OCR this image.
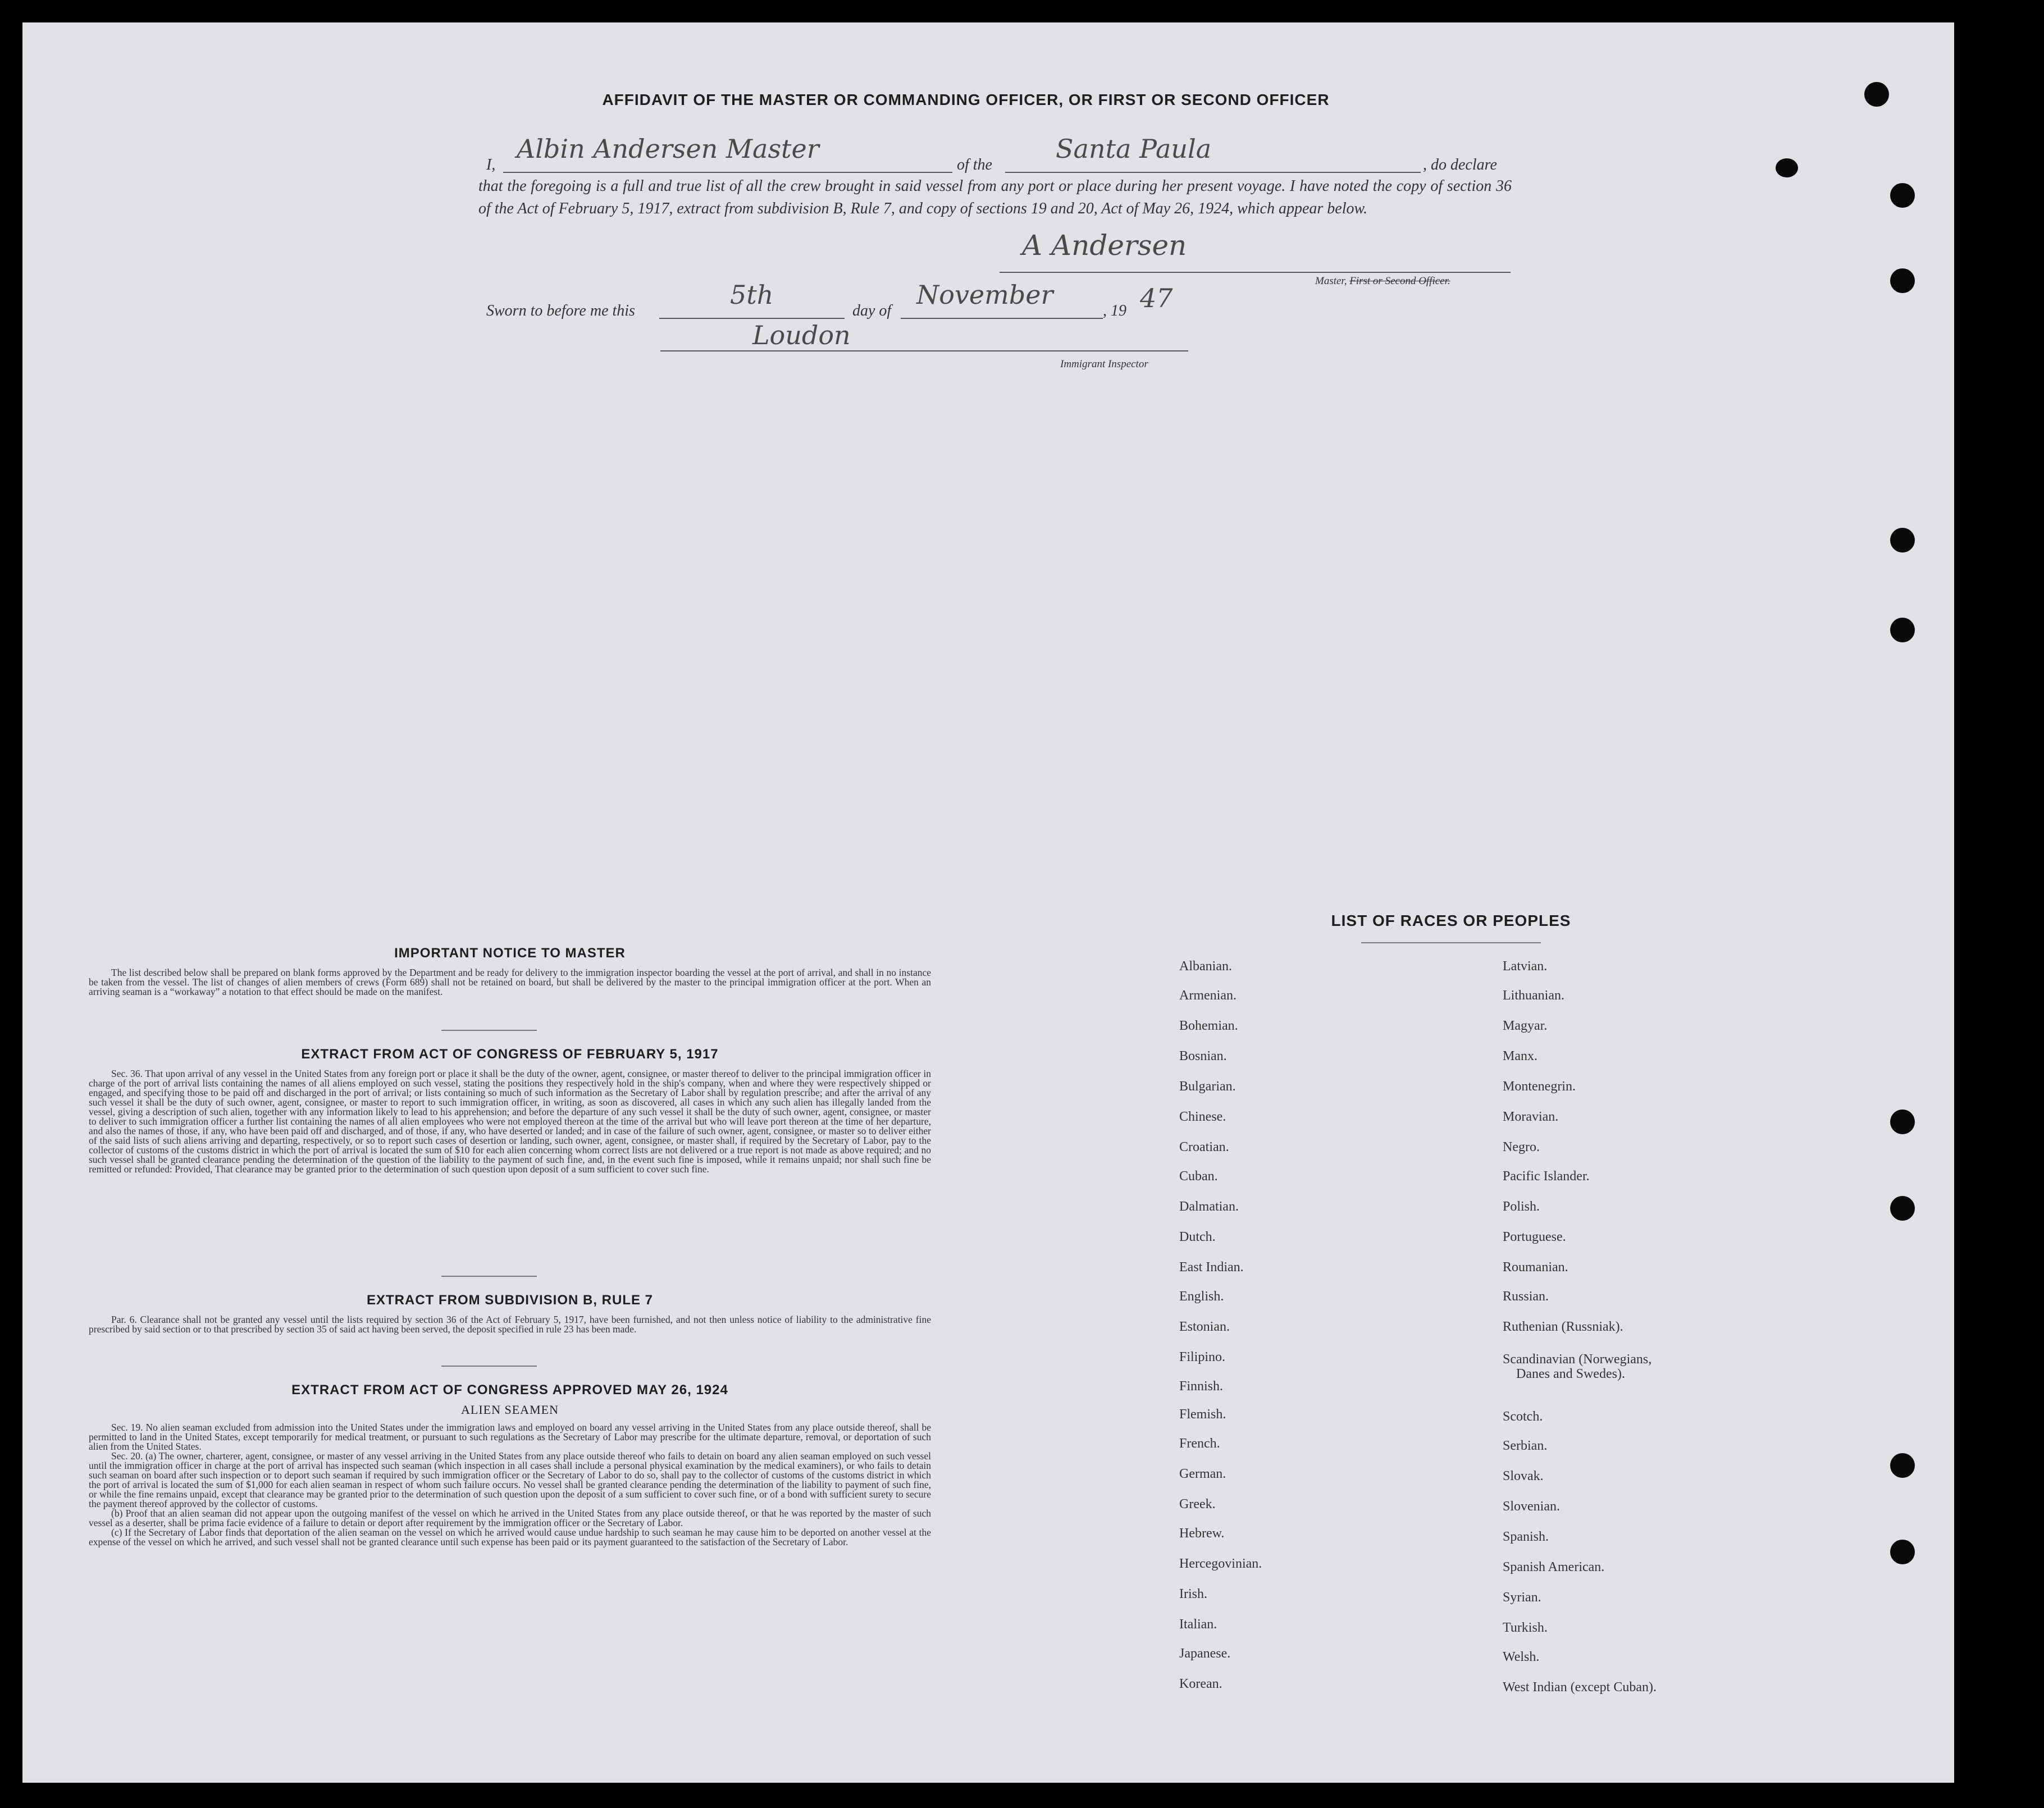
AFFIDAVIT OF THE MASTER OR COMMANDING OFFICER, OR FIRST OR SECOND OFFICER
I,
Albin Andersen Master
of the
Santa Paula
, do declare
that the foregoing is a full and true list of all the crew brought in said vessel from any port or place during her present voyage. I have noted the copy of section 36 of the Act of February 5, 1917, extract from subdivision B, Rule 7, and copy of sections 19 and 20, Act of May 26, 1924, which appear below.
A Andersen
Master, First or Second Officer.
Sworn to before me this
5th
day of
November
, 19 47
Loudon
Immigrant Inspector
IMPORTANT NOTICE TO MASTER

The list described below shall be prepared on blank forms approved by the Department and be ready for delivery to the immigration inspector boarding the vessel at the port of arrival, and shall in no instance be taken from the vessel. The list of changes of alien members of crews (Form 689) shall not be retained on board, but shall be delivered by the master to the principal immigration officer at the port. When an arriving seaman is a “workaway” a notation to that effect should be made on the manifest.

EXTRACT FROM ACT OF CONGRESS OF FEBRUARY 5, 1917

Sec. 36. That upon arrival of any vessel in the United States from any foreign port or place it shall be the duty of the owner, agent, consignee, or master thereof to deliver to the principal immigration officer in charge of the port of arrival lists containing the names of all aliens employed on such vessel, stating the positions they respectively hold in the ship's company, when and where they were respectively shipped or engaged, and specifying those to be paid off and discharged in the port of arrival; or lists containing so much of such information as the Secretary of Labor shall by regulation prescribe; and after the arrival of any such vessel it shall be the duty of such owner, agent, consignee, or master to report to such immigration officer, in writing, as soon as discovered, all cases in which any such alien has illegally landed from the vessel, giving a description of such alien, together with any information likely to lead to his apprehension; and before the departure of any such vessel it shall be the duty of such owner, agent, consignee, or master to deliver to such immigration officer a further list containing the names of all alien employees who were not employed thereon at the time of the arrival but who will leave port thereon at the time of her departure, and also the names of those, if any, who have been paid off and discharged, and of those, if any, who have deserted or landed; and in case of the failure of such owner, agent, consignee, or master so to deliver either of the said lists of such aliens arriving and departing, respectively, or so to report such cases of desertion or landing, such owner, agent, consignee, or master shall, if required by the Secretary of Labor, pay to the collector of customs of the customs district in which the port of arrival is located the sum of $10 for each alien concerning whom correct lists are not delivered or a true report is not made as above required; and no such vessel shall be granted clearance pending the determination of the question of the liability to the payment of such fine, and, in the event such fine is imposed, while it remains unpaid; nor shall such fine be remitted or refunded: Provided, That clearance may be granted prior to the determination of such question upon deposit of a sum sufficient to cover such fine.

EXTRACT FROM SUBDIVISION B, RULE 7

Par. 6. Clearance shall not be granted any vessel until the lists required by section 36 of the Act of February 5, 1917, have been furnished, and not then unless notice of liability to the administrative fine prescribed by said section or to that prescribed by section 35 of said act having been served, the deposit specified in rule 23 has been made.

EXTRACT FROM ACT OF CONGRESS APPROVED MAY 26, 1924
ALIEN SEAMEN

Sec. 19. No alien seaman excluded from admission into the United States under the immigration laws and employed on board any vessel arriving in the United States from any place outside thereof, shall be permitted to land in the United States, except temporarily for medical treatment, or pursuant to such regulations as the Secretary of Labor may prescribe for the ultimate departure, removal, or deportation of such alien from the United States.

Sec. 20. (a) The owner, charterer, agent, consignee, or master of any vessel arriving in the United States from any place outside thereof who fails to detain on board any alien seaman employed on such vessel until the immigration officer in charge at the port of arrival has inspected such seaman (which inspection in all cases shall include a personal physical examination by the medical examiners), or who fails to detain such seaman on board after such inspection or to deport such seaman if required by such immigration officer or the Secretary of Labor to do so, shall pay to the collector of customs of the customs district in which the port of arrival is located the sum of $1,000 for each alien seaman in respect of whom such failure occurs. No vessel shall be granted clearance pending the determination of the liability to payment of such fine, or while the fine remains unpaid, except that clearance may be granted prior to the determination of such question upon the deposit of a sum sufficient to cover such fine, or of a bond with sufficient surety to secure the payment thereof approved by the collector of customs.

(b) Proof that an alien seaman did not appear upon the outgoing manifest of the vessel on which he arrived in the United States from any place outside thereof, or that he was reported by the master of such vessel as a deserter, shall be prima facie evidence of a failure to detain or deport after requirement by the immigration officer or the Secretary of Labor.

(c) If the Secretary of Labor finds that deportation of the alien seaman on the vessel on which he arrived would cause undue hardship to such seaman he may cause him to be deported on another vessel at the expense of the vessel on which he arrived, and such vessel shall not be granted clearance until such expense has been paid or its payment guaranteed to the satisfaction of the Secretary of Labor.

LIST OF RACES OR PEOPLES
Albanian.
Armenian.
Bohemian.
Bosnian.
Bulgarian.
Chinese.
Croatian.
Cuban.
Dalmatian.
Dutch.
East Indian.
English.
Estonian.
Filipino.
Finnish.
Flemish.
French.
German.
Greek.
Hebrew.
Hercegovinian.
Irish.
Italian.
Japanese.
Korean.
Latvian.
Lithuanian.
Magyar.
Manx.
Montenegrin.
Moravian.
Negro.
Pacific Islander.
Polish.
Portuguese.
Roumanian.
Russian.
Ruthenian (Russniak).
Scandinavian (Norwegians,
Danes and Swedes).
Scotch.
Serbian.
Slovak.
Slovenian.
Spanish.
Spanish American.
Syrian.
Turkish.
Welsh.
West Indian (except Cuban).
